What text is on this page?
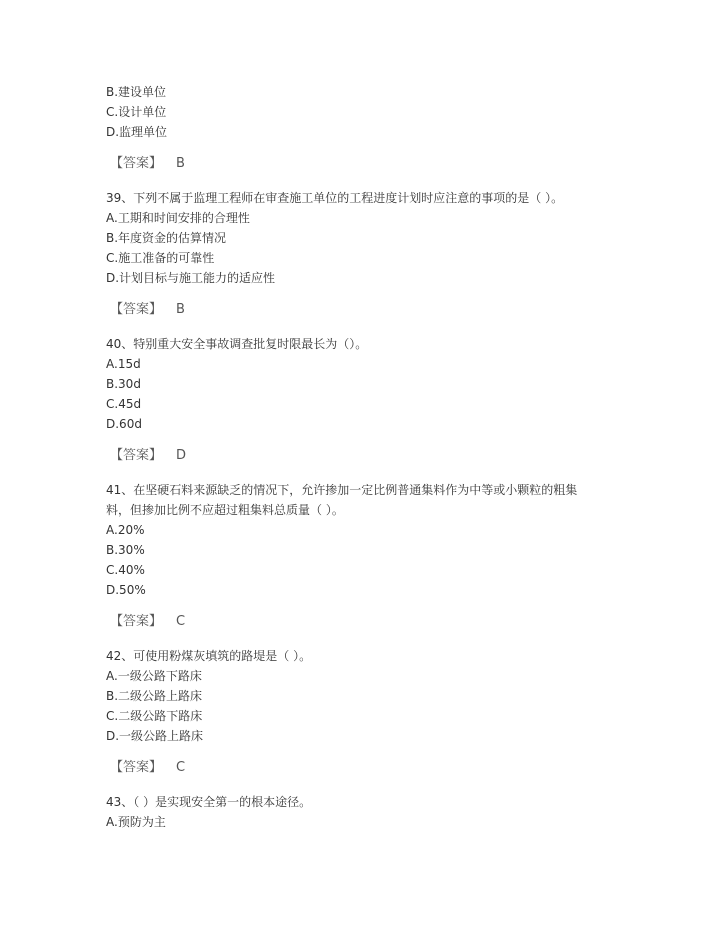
B.建设单位
C.设计单位
D.监理单位
【答案】 B
39、下列不属于监理工程师在审查施工单位的工程进度计划时应注意的事项的是（ ）。
A.工期和时间安排的合理性
B.年度资金的估算情况
C.施工准备的可靠性
D.计划目标与施工能力的适应性
【答案】 B
40、特别重大安全事故调查批复时限最长为（）。
A.15d
B.30d
C.45d
D.60d
【答案】 D
41、在坚硬石料来源缺乏的情况下，允许掺加一定比例普通集料作为中等或小颗粒的粗集
料，但掺加比例不应超过粗集料总质量（ ）。
A.20%
B.30%
C.40%
D.50%
【答案】 C
42、可使用粉煤灰填筑的路堤是（ ）。
A.一级公路下路床
B.二级公路上路床
C.二级公路下路床
D.一级公路上路床
【答案】 C
43、（ ）是实现安全第一的根本途径。
A.预防为主
